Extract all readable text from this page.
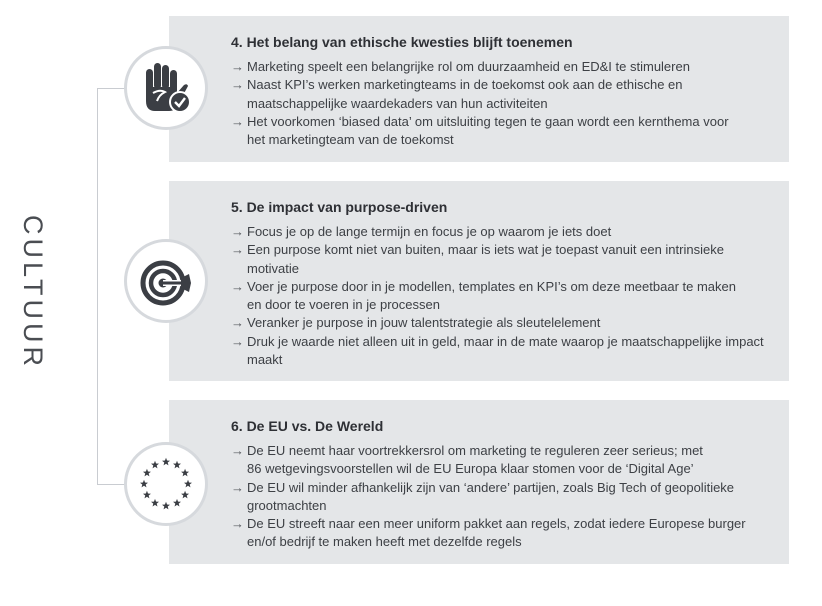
CULTUUR
4. Het belang van ethische kwesties blijft toenemen
→ Marketing speelt een belangrijke rol om duurzaamheid en ED&I te stimuleren
→ Naast KPI’s werken marketingteams in de toekomst ook aan de ethische en
maatschappelijke waardekaders van hun activiteiten
→ Het voorkomen ‘biased data’ om uitsluiting tegen te gaan wordt een kernthema voor
het marketingteam van de toekomst
5. De impact van purpose-driven
→ Focus je op de lange termijn en focus je op waarom je iets doet
→ Een purpose komt niet van buiten, maar is iets wat je toepast vanuit een intrinsieke
motivatie
→ Voer je purpose door in je modellen, templates en KPI’s om deze meetbaar te maken
en door te voeren in je processen
→ Veranker je purpose in jouw talentstrategie als sleutelelement
→ Druk je waarde niet alleen uit in geld, maar in de mate waarop je maatschappelijke impact
maakt
6. De EU vs. De Wereld
→ De EU neemt haar voortrekkersrol om marketing te reguleren zeer serieus; met
86 wetgevingsvoorstellen wil de EU Europa klaar stomen voor de ‘Digital Age’
→ De EU wil minder afhankelijk zijn van ‘andere’ partijen, zoals Big Tech of geopolitieke
grootmachten
→ De EU streeft naar een meer uniform pakket aan regels, zodat iedere Europese burger
en/of bedrijf te maken heeft met dezelfde regels
